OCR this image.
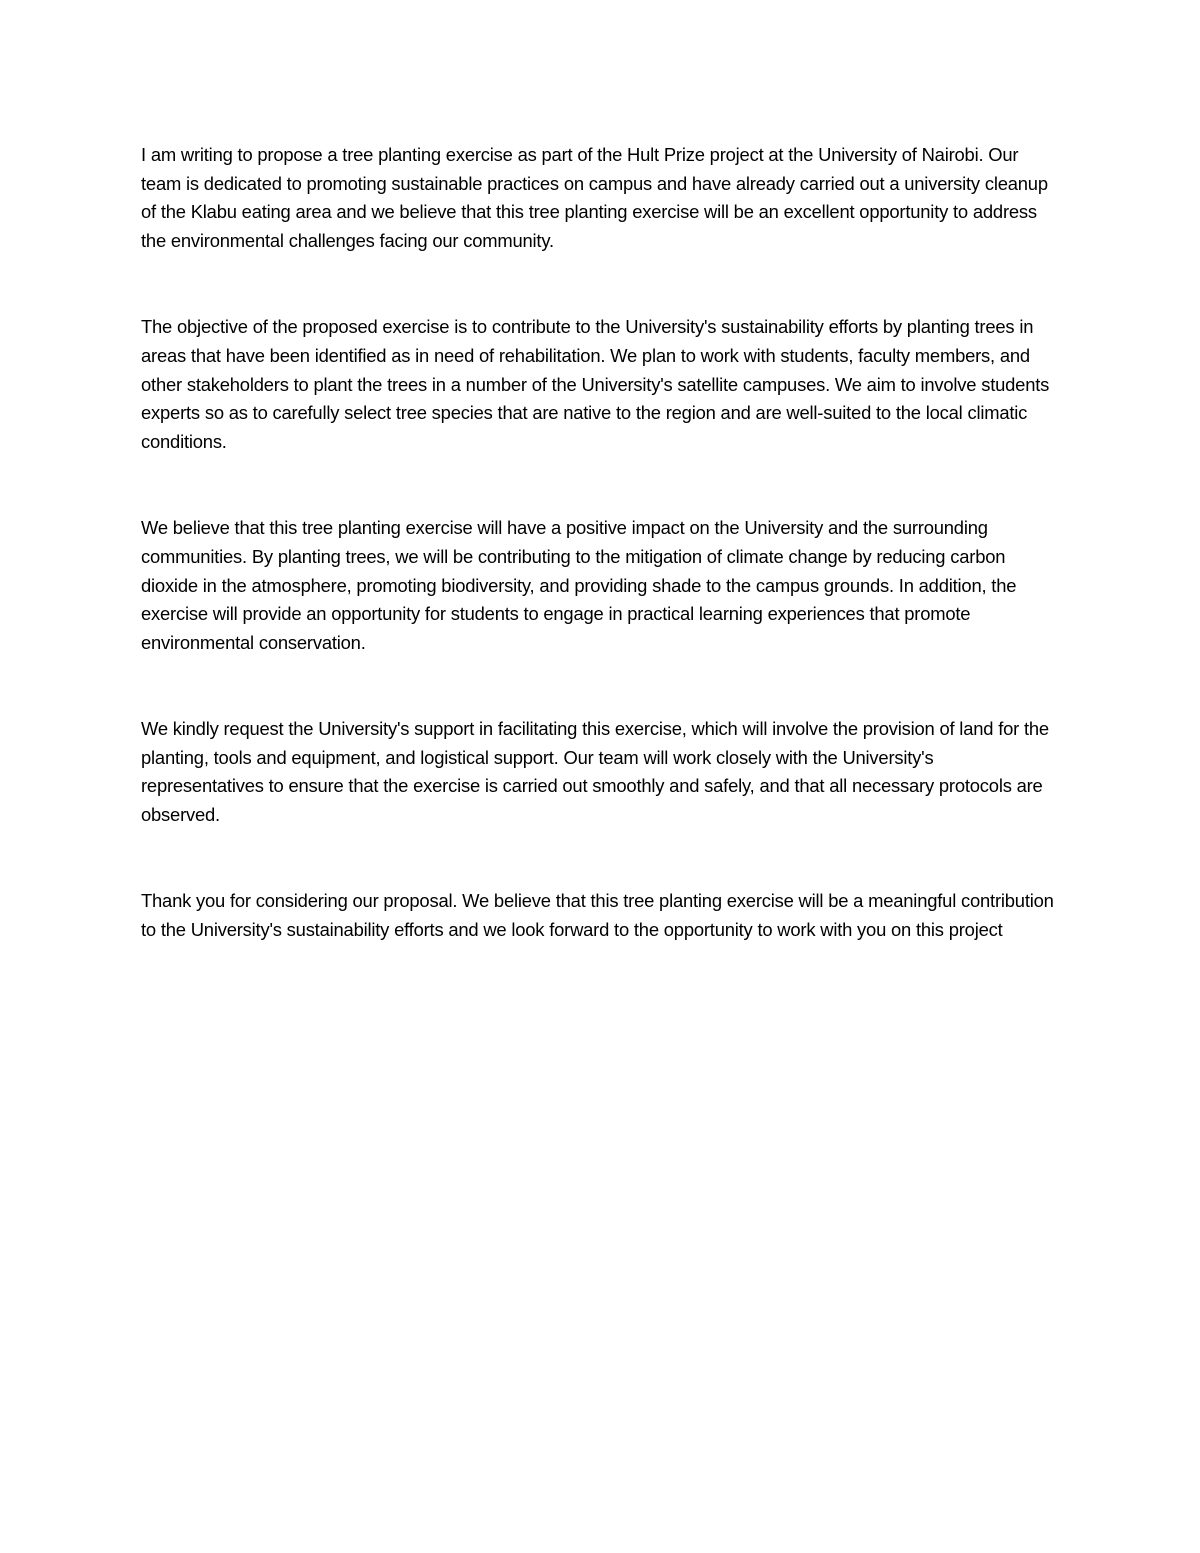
I am writing to propose a tree planting exercise as part of the Hult Prize project at the University of Nairobi. Our team is dedicated to promoting sustainable practices on campus and have already carried out a university cleanup of the Klabu eating area and we believe that this tree planting exercise will be an excellent opportunity to address the environmental challenges facing our community.

The objective of the proposed exercise is to contribute to the University's sustainability efforts by planting trees in areas that have been identified as in need of rehabilitation. We plan to work with students, faculty members, and other stakeholders to plant the trees in a number of the University's satellite campuses. We aim to involve students experts so as to carefully select tree species that are native to the region and are well-suited to the local climatic conditions.

We believe that this tree planting exercise will have a positive impact on the University and the surrounding communities. By planting trees, we will be contributing to the mitigation of climate change by reducing carbon dioxide in the atmosphere, promoting biodiversity, and providing shade to the campus grounds. In addition, the exercise will provide an opportunity for students to engage in practical learning experiences that promote environmental conservation.

We kindly request the University's support in facilitating this exercise, which will involve the provision of land for the planting, tools and equipment, and logistical support. Our team will work closely with the University's representatives to ensure that the exercise is carried out smoothly and safely, and that all necessary protocols are observed.

Thank you for considering our proposal. We believe that this tree planting exercise will be a meaningful contribution to the University's sustainability efforts and we look forward to the opportunity to work with you on this project
